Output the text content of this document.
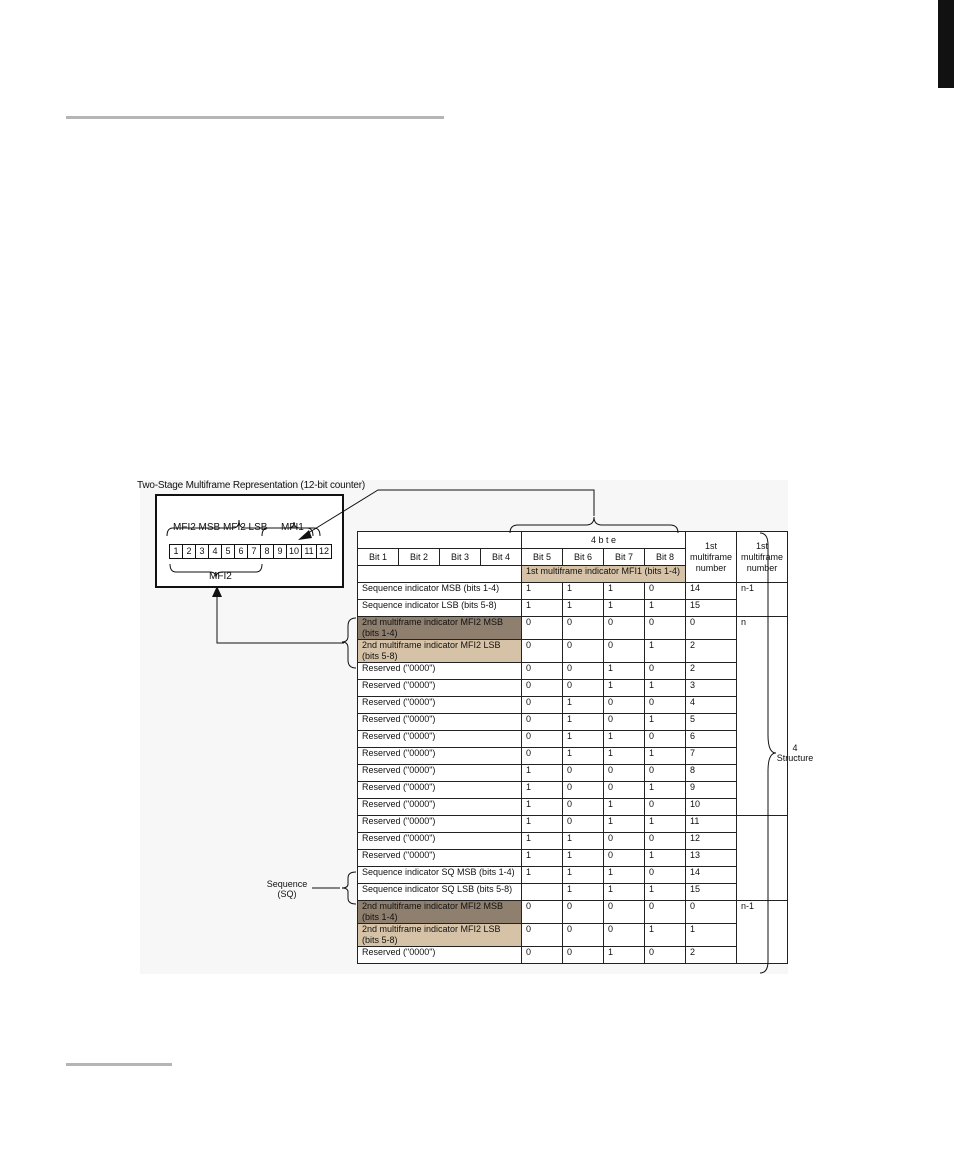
Two-Stage Multiframe Representation (12-bit counter)
MFI2 MSB MFI2 LSB MFI1
1 2 3 4 5 6 7 8 9 10 11 12
MFI2
				4 b t e				1st multiframe number	1st multiframe number
Bit 1	Bit 2	Bit 3	Bit 4	Bit 5	Bit 6	Bit 7	Bit 8		
				1st multiframe indicator MFI1 (bits 1-4)					
Sequence indicator MSB (bits 1-4)				1	1	1	0	14	n-1
Sequence indicator LSB (bits 5-8)				1	1	1	1	15	
2nd multiframe indicator MFI2 MSB (bits 1-4)				0	0	0	0	0	n
2nd multiframe indicator MFI2 LSB (bits 5-8)				0	0	0	1	2	
Reserved ("0000")				0	0	1	0	2	
Reserved ("0000")				0	0	1	1	3	
Reserved ("0000")				0	1	0	0	4	
Reserved ("0000")				0	1	0	1	5	
Reserved ("0000")				0	1	1	0	6	
Reserved ("0000")				0	1	1	1	7	
Reserved ("0000")				1	0	0	0	8	
Reserved ("0000")				1	0	0	1	9	
Reserved ("0000")				1	0	1	0	10	
Reserved ("0000")				1	0	1	1	11	
Reserved ("0000")				1	1	0	0	12	
Reserved ("0000")				1	1	0	1	13	
Sequence indicator SQ MSB (bits 1-4)				1	1	1	0	14	
Sequence indicator SQ LSB (bits 5-8)					1	1	1	15	
2nd multiframe indicator MFI2 MSB (bits 1-4)				0	0	0	0	0	n-1
2nd multiframe indicator MFI2 LSB (bits 5-8)				0	0	0	1	1	
Reserved ("0000")				0	0	1	0	2	
4 Structure
Sequence (SQ)
